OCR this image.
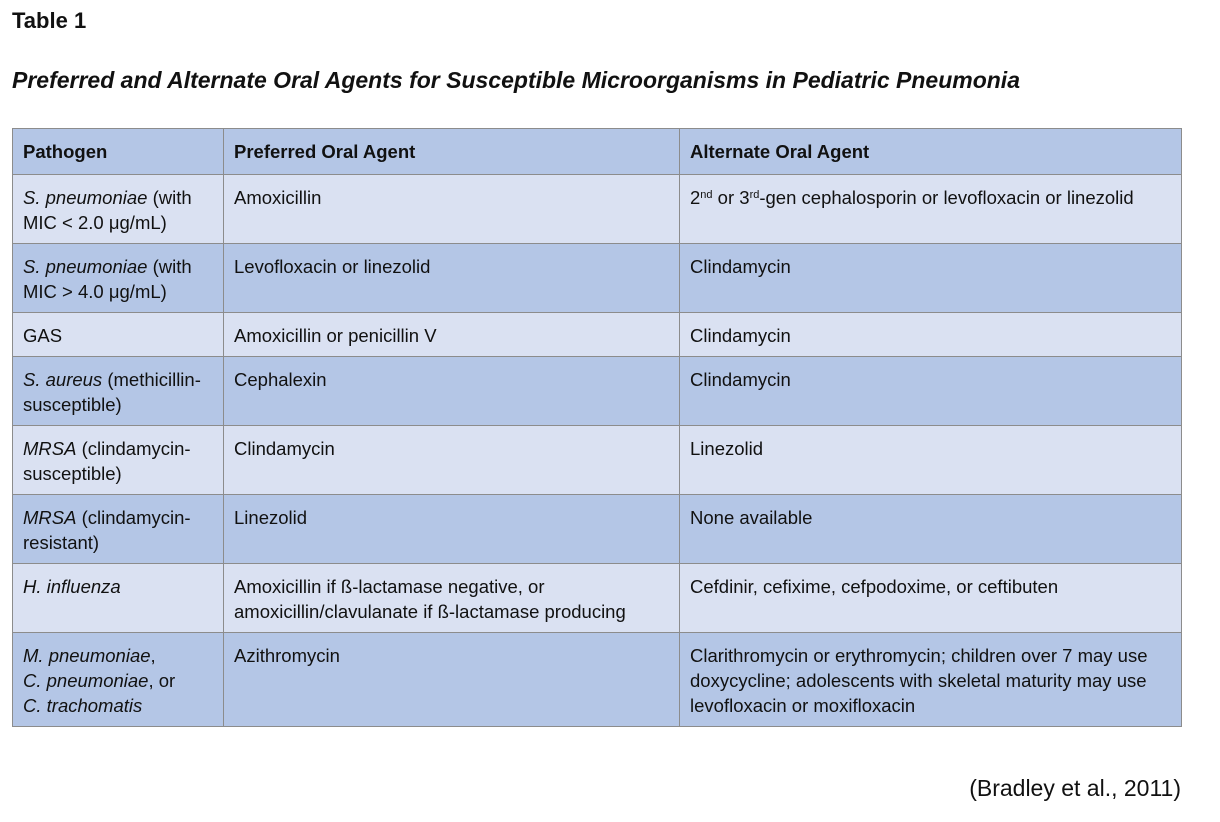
Table 1
Preferred and Alternate Oral Agents for Susceptible Microorganisms in Pediatric Pneumonia
Pathogen	Preferred Oral Agent	Alternate Oral Agent
S. pneumoniae (with MIC < 2.0 μg/mL)	Amoxicillin	2nd or 3rd-gen cephalosporin or levofloxacin or linezolid
S. pneumoniae (with MIC > 4.0 μg/mL)	Levofloxacin or linezolid	Clindamycin
GAS	Amoxicillin or penicillin V	Clindamycin
S. aureus (methicillin-susceptible)	Cephalexin	Clindamycin
MRSA (clindamycin-susceptible)	Clindamycin	Linezolid
MRSA (clindamycin-resistant)	Linezolid	None available
H. influenza	Amoxicillin if ß-lactamase negative, or amoxicillin/clavulanate if ß-lactamase producing	Cefdinir, cefixime, cefpodoxime, or ceftibuten
M. pneumoniae,
C. pneumoniae, or
C. trachomatis	Azithromycin	Clarithromycin or erythromycin; children over 7 may use doxycycline; adolescents with skeletal maturity may use levofloxacin or moxifloxacin

(Bradley et al., 2011)
